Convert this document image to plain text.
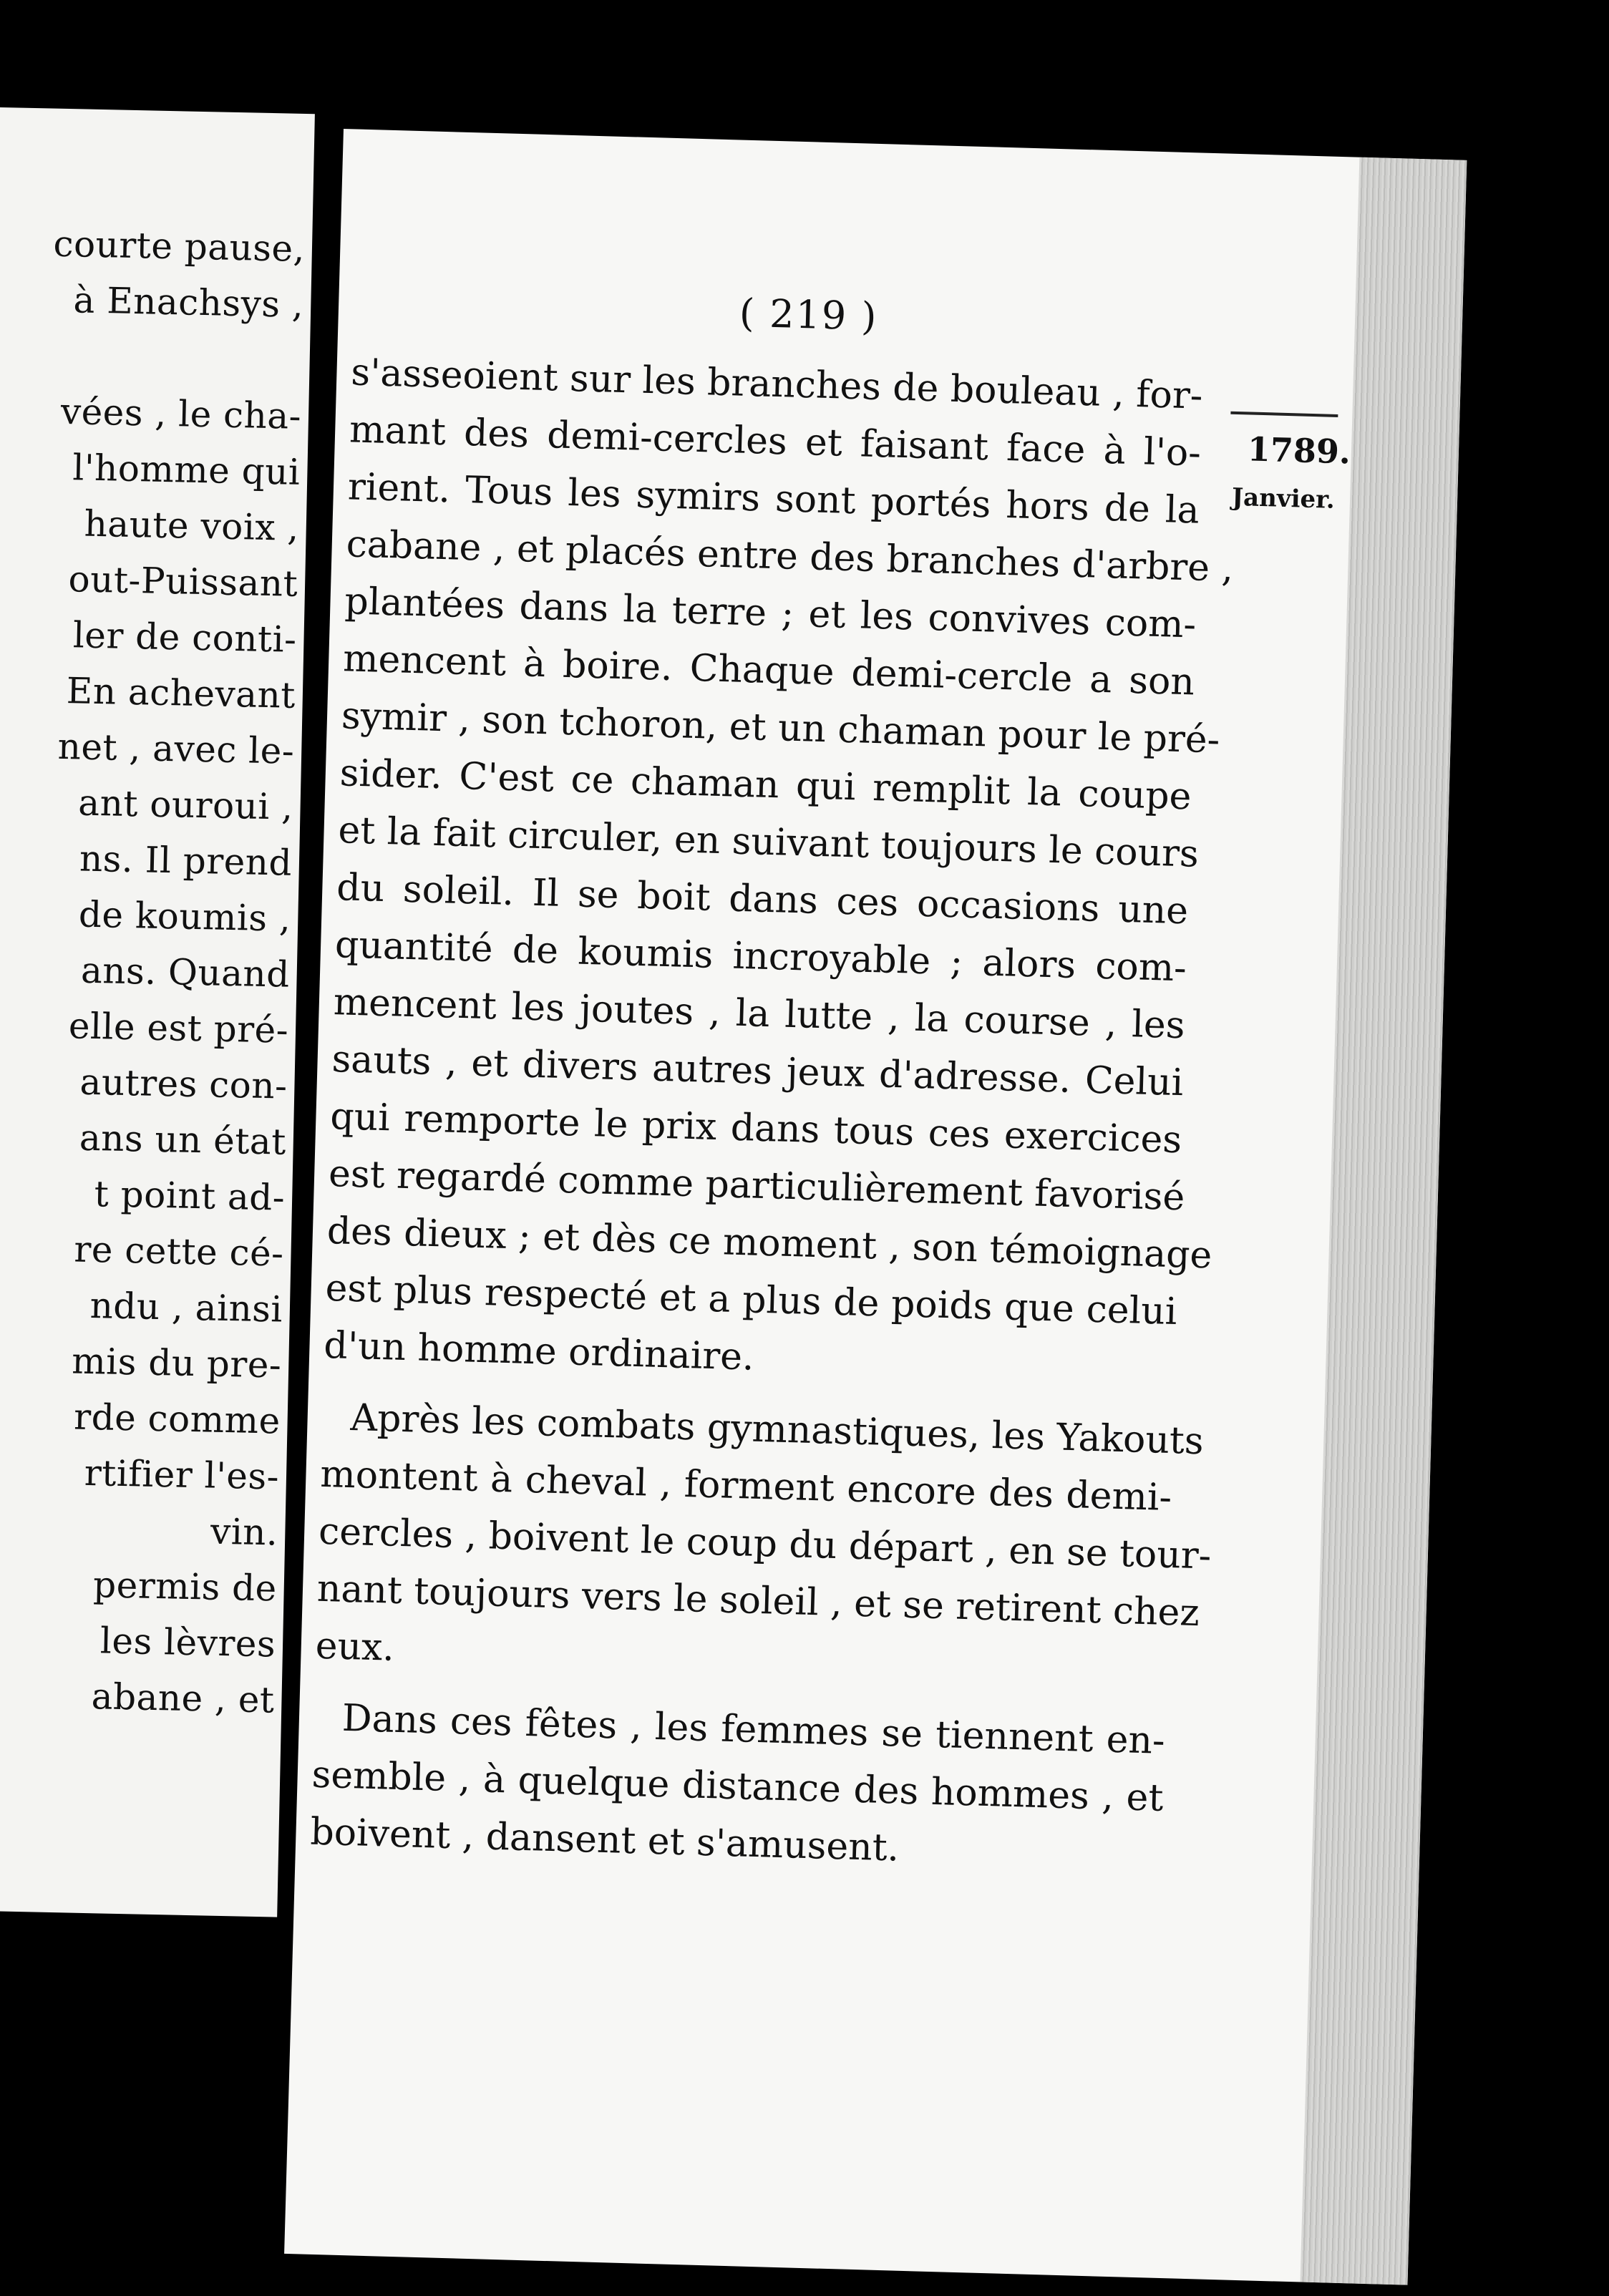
courte pause,
à Enachsys ,
vées , le cha-
l'homme qui
haute voix ,
out-Puissant
ler de conti-
En achevant
net , avec le-
ant ouroui ,
ns. Il prend
de koumis ,
ans. Quand
elle est pré-
autres con-
ans un état
t point ad-
re cette cé-
ndu , ainsi
mis du pre-
rde comme
rtifier l'es-
vin.
permis de
les lèvres
abane , et
( 219 )
1789.
Janvier.
s'asseoient sur les branches de bouleau , for-
mant des demi-cercles et faisant face à l'o-
rient. Tous les symirs sont portés hors de la
cabane , et placés entre des branches d'arbre ,
plantées dans la terre ; et les convives com-
mencent à boire. Chaque demi-cercle a son
symir , son tchoron, et un chaman pour le pré-
sider. C'est ce chaman qui remplit la coupe
et la fait circuler, en suivant toujours le cours
du soleil. Il se boit dans ces occasions une
quantité de koumis incroyable ; alors com-
mencent les joutes , la lutte , la course , les
sauts , et divers autres jeux d'adresse. Celui
qui remporte le prix dans tous ces exercices
est regardé comme particulièrement favorisé
des dieux ; et dès ce moment , son témoignage
est plus respecté et a plus de poids que celui
d'un homme ordinaire.
Après les combats gymnastiques, les Yakouts
montent à cheval , forment encore des demi-
cercles , boivent le coup du départ , en se tour-
nant toujours vers le soleil , et se retirent chez
eux.
Dans ces fêtes , les femmes se tiennent en-
semble , à quelque distance des hommes , et
boivent , dansent et s'amusent.
